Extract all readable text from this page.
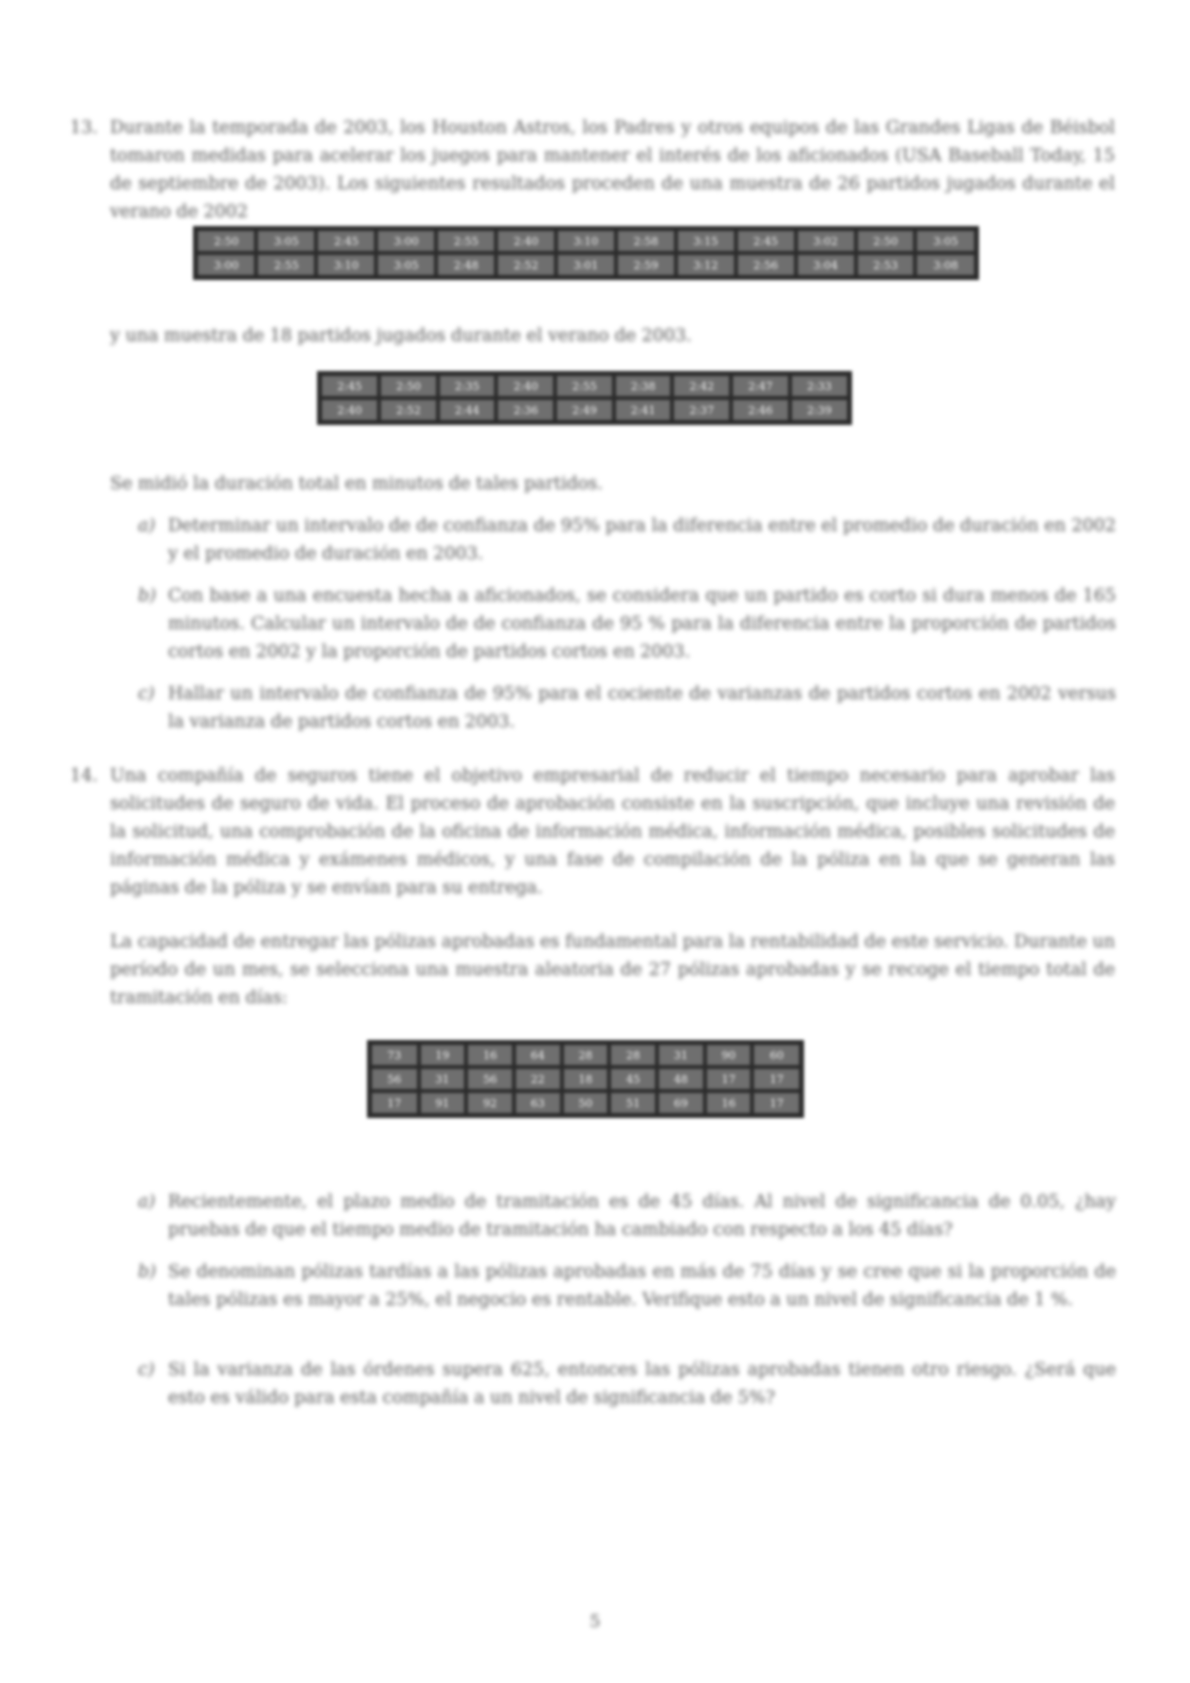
13. Durante la temporada de 2003, los Houston Astros, los Padres y otros equipos de las Grandes Ligas de Béisbol tomaron medidas para acelerar los juegos para mantener el interés de los aficionados (USA Baseball Today, 15 de septiembre de 2003). Los siguientes resultados proceden de una muestra de 26 partidos jugados durante el verano de 2002
2:50	3:05	2:45	3:00	2:55	2:40	3:10	2:58	3:15	2:45	3:02	2:50	3:05
3:00	2:55	3:10	3:05	2:48	2:52	3:01	2:59	3:12	2:56	3:04	2:53	3:08
y una muestra de 18 partidos jugados durante el verano de 2003.
2:45	2:50	2:35	2:40	2:55	2:38	2:42	2:47	2:33
2:40	2:52	2:44	2:36	2:49	2:41	2:37	2:46	2:39
Se midió la duración total en minutos de tales partidos.
a) Determinar un intervalo de de confianza de 95% para la diferencia entre el promedio de duración en 2002 y el promedio de duración en 2003.
b) Con base a una encuesta hecha a aficionados, se considera que un partido es corto si dura menos de 165 minutos. Calcular un intervalo de de confianza de 95 % para la diferencia entre la proporción de partidos cortos en 2002 y la proporción de partidos cortos en 2003.
c) Hallar un intervalo de confianza de 95% para el cociente de varianzas de partidos cortos en 2002 versus la varianza de partidos cortos en 2003.
14. Una compañía de seguros tiene el objetivo empresarial de reducir el tiempo necesario para aprobar las solicitudes de seguro de vida. El proceso de aprobación consiste en la suscripción, que incluye una revisión de la solicitud, una comprobación de la oficina de información médica, información médica, posibles solicitudes de información médica y exámenes médicos, y una fase de compilación de la póliza en la que se generan las páginas de la póliza y se envían para su entrega.
La capacidad de entregar las pólizas aprobadas es fundamental para la rentabilidad de este servicio. Durante un período de un mes, se selecciona una muestra aleatoria de 27 pólizas aprobadas y se recoge el tiempo total de tramitación en días:
73	19	16	64	28	28	31	90	60
56	31	56	22	18	45	48	17	17
17	91	92	63	50	51	69	16	17
a) Recientemente, el plazo medio de tramitación es de 45 días. Al nivel de significancia de 0.05, ¿hay pruebas de que el tiempo medio de tramitación ha cambiado con respecto a los 45 días?
b) Se denominan pólizas tardías a las pólizas aprobadas en más de 75 días y se cree que si la proporción de tales pólizas es mayor a 25%, el negocio es rentable. Verifique esto a un nivel de significancia de 1 %.
c) Si la varianza de las órdenes supera 625, entonces las pólizas aprobadas tienen otro riesgo. ¿Será que esto es válido para esta compañía a un nivel de significancia de 5%?
5
